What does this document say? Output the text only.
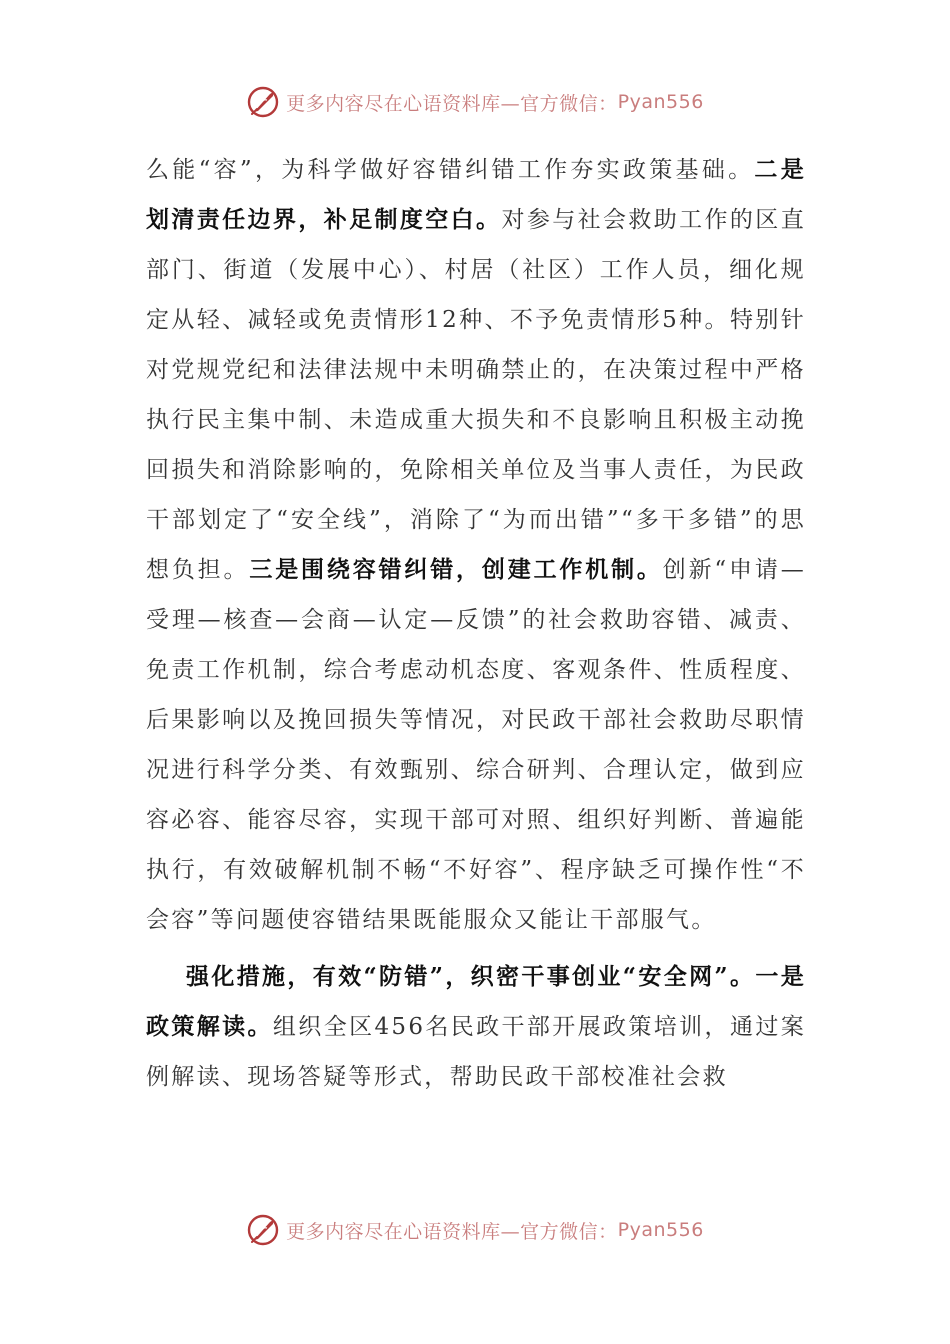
更多内容尽在心语资料库—官方微信： Pyan556

么能“容”，为科学做好容错纠错工作夯实政策基础。二是划清责任边界，补足制度空白。对参与社会救助工作的区直部门、街道（发展中心）、村居（社区）工作人员，细化规定从轻、减轻或免责情形12种、不予免责情形5种。特别针对党规党纪和法律法规中未明确禁止的，在决策过程中严格执行民主集中制、未造成重大损失和不良影响且积极主动挽回损失和消除影响的，免除相关单位及当事人责任，为民政干部划定了“安全线”，消除了“为而出错”“多干多错”的思想负担。三是围绕容错纠错，创建工作机制。创新“申请—受理—核查—会商—认定—反馈”的社会救助容错、减责、免责工作机制，综合考虑动机态度、客观条件、性质程度、后果影响以及挽回损失等情况，对民政干部社会救助尽职情况进行科学分类、有效甄别、综合研判、合理认定，做到应容必容、能容尽容，实现干部可对照、组织好判断、普遍能执行，有效破解机制不畅“不好容”、程序缺乏可操作性“不会容”等问题使容错结果既能服众又能让干部服气。

强化措施，有效“防错”，织密干事创业“安全网”。一是政策解读。组织全区456名民政干部开展政策培训，通过案例解读、现场答疑等形式，帮助民政干部校准社会救

更多内容尽在心语资料库—官方微信： Pyan556
